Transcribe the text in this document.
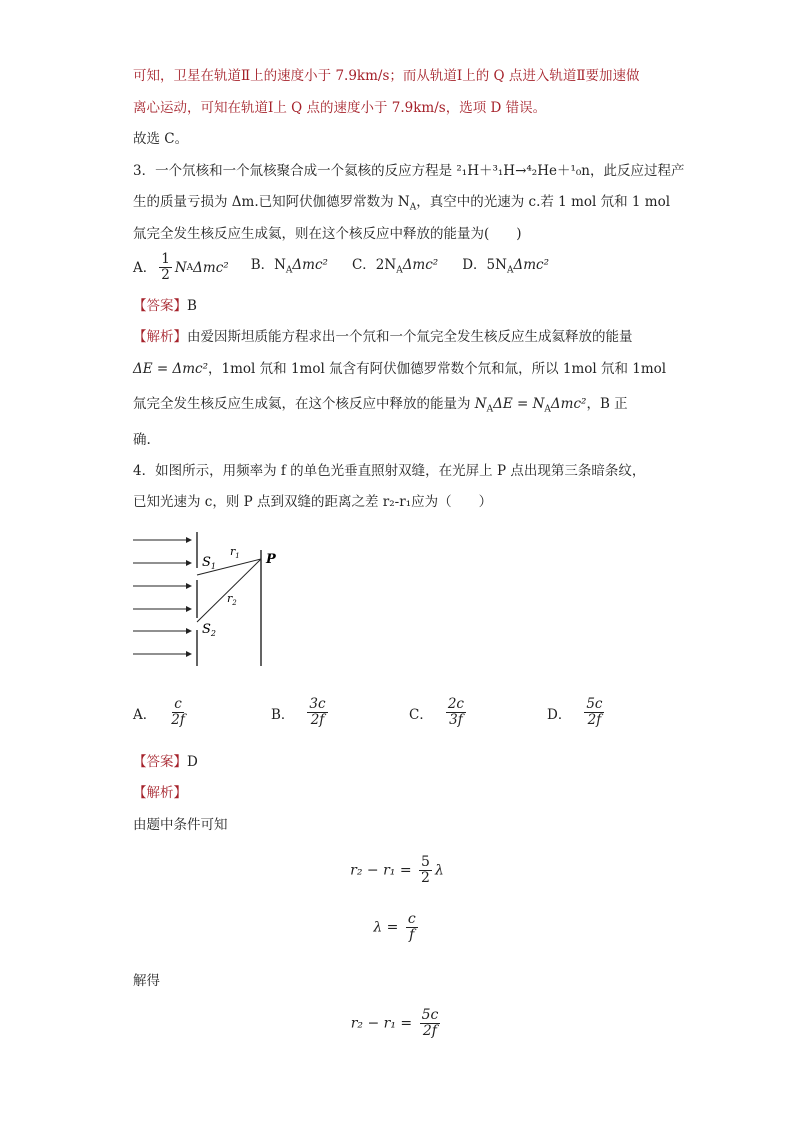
可知，卫星在轨道Ⅱ上的速度小于 7.9km/s；而从轨道Ⅰ上的 Q 点进入轨道Ⅱ要加速做
离心运动，可知在轨道Ⅰ上 Q 点的速度小于 7.9km/s，选项 D 错误。
故选 C。
3．一个氘核和一个氚核聚合成一个氦核的反应方程是 ²₁H＋³₁H→⁴₂He＋¹₀n，此反应过程产
生的质量亏损为 Δm.已知阿伏伽德罗常数为 $N_A$，真空中的光速为 c.若 1 mol 氘和 1 mol
氚完全发生核反应生成氦，则在这个核反应中释放的能量为(　　)
A． $\frac{1}{2}$ N A Δmc² B．$N_A\Delta mc^2$ C．$2N_A\Delta mc^2$ D．$5N_A\Delta mc^2$
【答案】B
【解析】由爱因斯坦质能方程求出一个氘和一个氚完全发生核反应生成氦释放的能量
ΔE = Δmc²，1mol 氘和 1mol 氚含有阿伏伽德罗常数个氘和氚，所以 1mol 氘和 1mol
氚完全发生核反应生成氦，在这个核反应中释放的能量为 $N_A\Delta E = N_A\Delta mc^2$，B 正
确.
4．如图所示，用频率为 f 的单色光垂直照射双缝，在光屏上 P 点出现第三条暗条纹，
已知光速为 c，则 P 点到双缝的距离之差 r₂-r₁应为（　　）
$S_1$
$r_1$
$r_2$
P
$S_2$
A． $\frac{c}{2f}$	B． $\frac{3c}{2f}$	C． $\frac{2c}{3f}$	D． $\frac{5c}{2f}$
【答案】D
【解析】
由题中条件可知
$r_2 - r_1 = \frac{5}{2}$ λ
$\lambda = \frac{c}{f}$
解得
$r_2 - r_1 = \frac{5c}{2f}$
